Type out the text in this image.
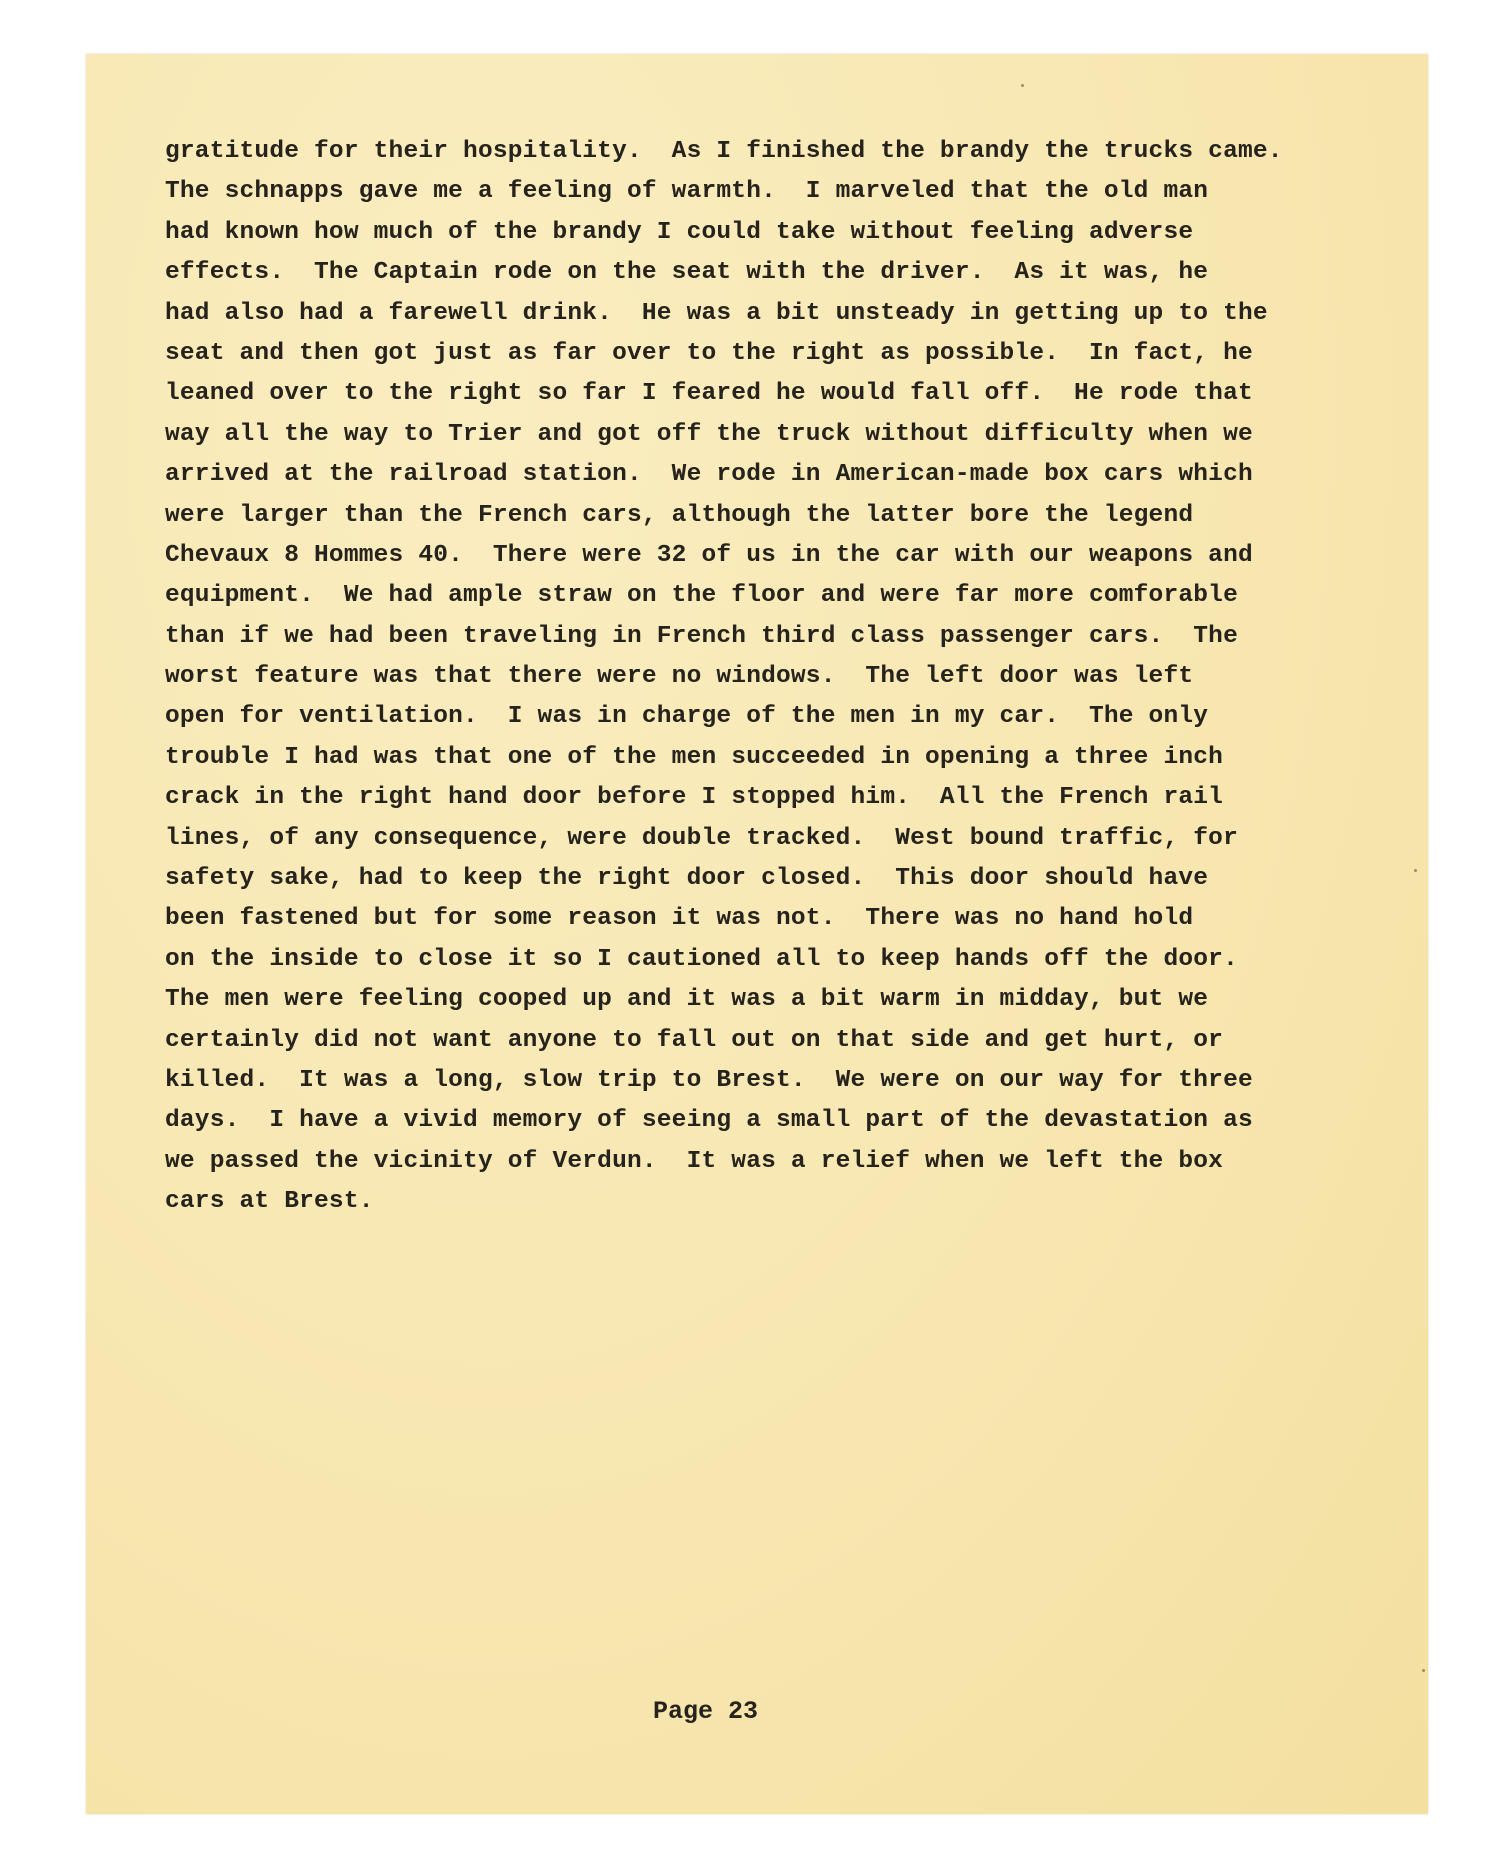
gratitude for their hospitality.  As I finished the brandy the trucks came.
The schnapps gave me a feeling of warmth.  I marveled that the old man
had known how much of the brandy I could take without feeling adverse
effects.  The Captain rode on the seat with the driver.  As it was, he
had also had a farewell drink.  He was a bit unsteady in getting up to the
seat and then got just as far over to the right as possible.  In fact, he
leaned over to the right so far I feared he would fall off.  He rode that
way all the way to Trier and got off the truck without difficulty when we
arrived at the railroad station.  We rode in American-made box cars which
were larger than the French cars, although the latter bore the legend
Chevaux 8 Hommes 40.  There were 32 of us in the car with our weapons and
equipment.  We had ample straw on the floor and were far more comforable
than if we had been traveling in French third class passenger cars.  The
worst feature was that there were no windows.  The left door was left
open for ventilation.  I was in charge of the men in my car.  The only
trouble I had was that one of the men succeeded in opening a three inch
crack in the right hand door before I stopped him.  All the French rail
lines, of any consequence, were double tracked.  West bound traffic, for
safety sake, had to keep the right door closed.  This door should have
been fastened but for some reason it was not.  There was no hand hold
on the inside to close it so I cautioned all to keep hands off the door.
The men were feeling cooped up and it was a bit warm in midday, but we
certainly did not want anyone to fall out on that side and get hurt, or
killed.  It was a long, slow trip to Brest.  We were on our way for three
days.  I have a vivid memory of seeing a small part of the devastation as
we passed the vicinity of Verdun.  It was a relief when we left the box
cars at Brest.
Page 23
